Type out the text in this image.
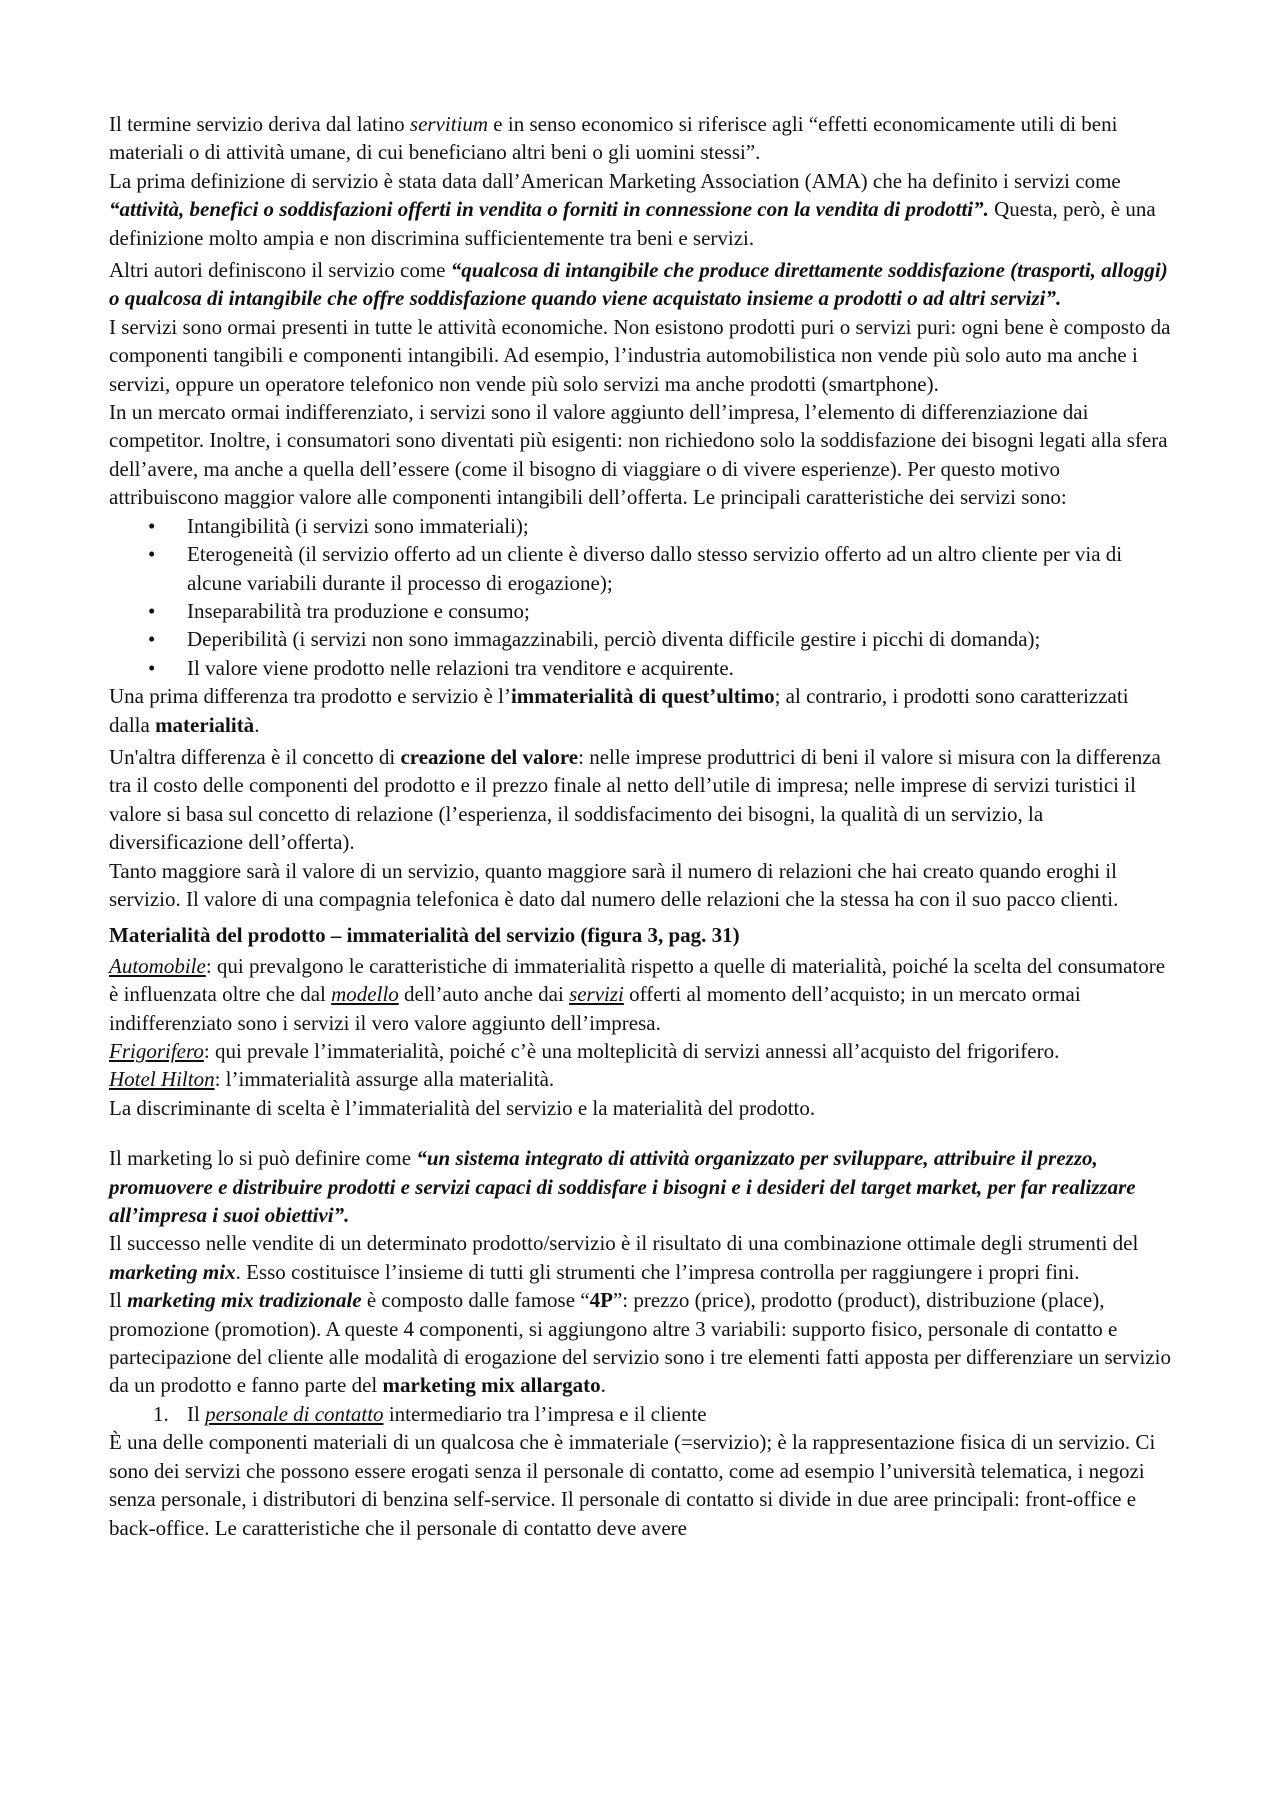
Il termine servizio deriva dal latino servitium e in senso economico si riferisce agli “effetti economicamente utili di beni materiali o di attività umane, di cui beneficiano altri beni o gli uomini stessi”.

La prima definizione di servizio è stata data dall’American Marketing Association (AMA) che ha definito i servizi come “attività, benefici o soddisfazioni offerti in vendita o forniti in connessione con la vendita di prodotti”. Questa, però, è una definizione molto ampia e non discrimina sufficientemente tra beni e servizi.

Altri autori definiscono il servizio come “qualcosa di intangibile che produce direttamente soddisfazione (trasporti, alloggi) o qualcosa di intangibile che offre soddisfazione quando viene acquistato insieme a prodotti o ad altri servizi”.

I servizi sono ormai presenti in tutte le attività economiche. Non esistono prodotti puri o servizi puri: ogni bene è composto da componenti tangibili e componenti intangibili. Ad esempio, l’industria automobilistica non vende più solo auto ma anche i servizi, oppure un operatore telefonico non vende più solo servizi ma anche prodotti (smartphone).

In un mercato ormai indifferenziato, i servizi sono il valore aggiunto dell’impresa, l’elemento di differenziazione dai competitor. Inoltre, i consumatori sono diventati più esigenti: non richiedono solo la soddisfazione dei bisogni legati alla sfera dell’avere, ma anche a quella dell’essere (come il bisogno di viaggiare o di vivere esperienze). Per questo motivo attribuiscono maggior valore alle componenti intangibili dell’offerta. Le principali caratteristiche dei servizi sono:

• Intangibilità (i servizi sono immateriali);
• Eterogeneità (il servizio offerto ad un cliente è diverso dallo stesso servizio offerto ad un altro cliente per via di alcune variabili durante il processo di erogazione);
• Inseparabilità tra produzione e consumo;
• Deperibilità (i servizi non sono immagazzinabili, perciò diventa difficile gestire i picchi di domanda);
• Il valore viene prodotto nelle relazioni tra venditore e acquirente.

Una prima differenza tra prodotto e servizio è l’immaterialità di quest’ultimo; al contrario, i prodotti sono caratterizzati dalla materialità.

Un'altra differenza è il concetto di creazione del valore: nelle imprese produttrici di beni il valore si misura con la differenza tra il costo delle componenti del prodotto e il prezzo finale al netto dell’utile di impresa; nelle imprese di servizi turistici il valore si basa sul concetto di relazione (l’esperienza, il soddisfacimento dei bisogni, la qualità di un servizio, la diversificazione dell’offerta).

Tanto maggiore sarà il valore di un servizio, quanto maggiore sarà il numero di relazioni che hai creato quando eroghi il servizio. Il valore di una compagnia telefonica è dato dal numero delle relazioni che la stessa ha con il suo pacco clienti.

Materialità del prodotto – immaterialità del servizio (figura 3, pag. 31)

Automobile: qui prevalgono le caratteristiche di immaterialità rispetto a quelle di materialità, poiché la scelta del consumatore è influenzata oltre che dal modello dell’auto anche dai servizi offerti al momento dell’acquisto; in un mercato ormai indifferenziato sono i servizi il vero valore aggiunto dell’impresa.

Frigorifero: qui prevale l’immaterialità, poiché c’è una molteplicità di servizi annessi all’acquisto del frigorifero.

Hotel Hilton: l’immaterialità assurge alla materialità.

La discriminante di scelta è l’immaterialità del servizio e la materialità del prodotto.

Il marketing lo si può definire come “un sistema integrato di attività organizzato per sviluppare, attribuire il prezzo, promuovere e distribuire prodotti e servizi capaci di soddisfare i bisogni e i desideri del target market, per far realizzare all’impresa i suoi obiettivi”.

Il successo nelle vendite di un determinato prodotto/servizio è il risultato di una combinazione ottimale degli strumenti del marketing mix. Esso costituisce l’insieme di tutti gli strumenti che l’impresa controlla per raggiungere i propri fini.

Il marketing mix tradizionale è composto dalle famose “4P”: prezzo (price), prodotto (product), distribuzione (place), promozione (promotion). A queste 4 componenti, si aggiungono altre 3 variabili: supporto fisico, personale di contatto e partecipazione del cliente alle modalità di erogazione del servizio sono i tre elementi fatti apposta per differenziare un servizio da un prodotto e fanno parte del marketing mix allargato.

1. Il personale di contatto intermediario tra l’impresa e il cliente

È una delle componenti materiali di un qualcosa che è immateriale (=servizio); è la rappresentazione fisica di un servizio. Ci sono dei servizi che possono essere erogati senza il personale di contatto, come ad esempio l’università telematica, i negozi senza personale, i distributori di benzina self-service. Il personale di contatto si divide in due aree principali: front-office e back-office. Le caratteristiche che il personale di contatto deve avere
